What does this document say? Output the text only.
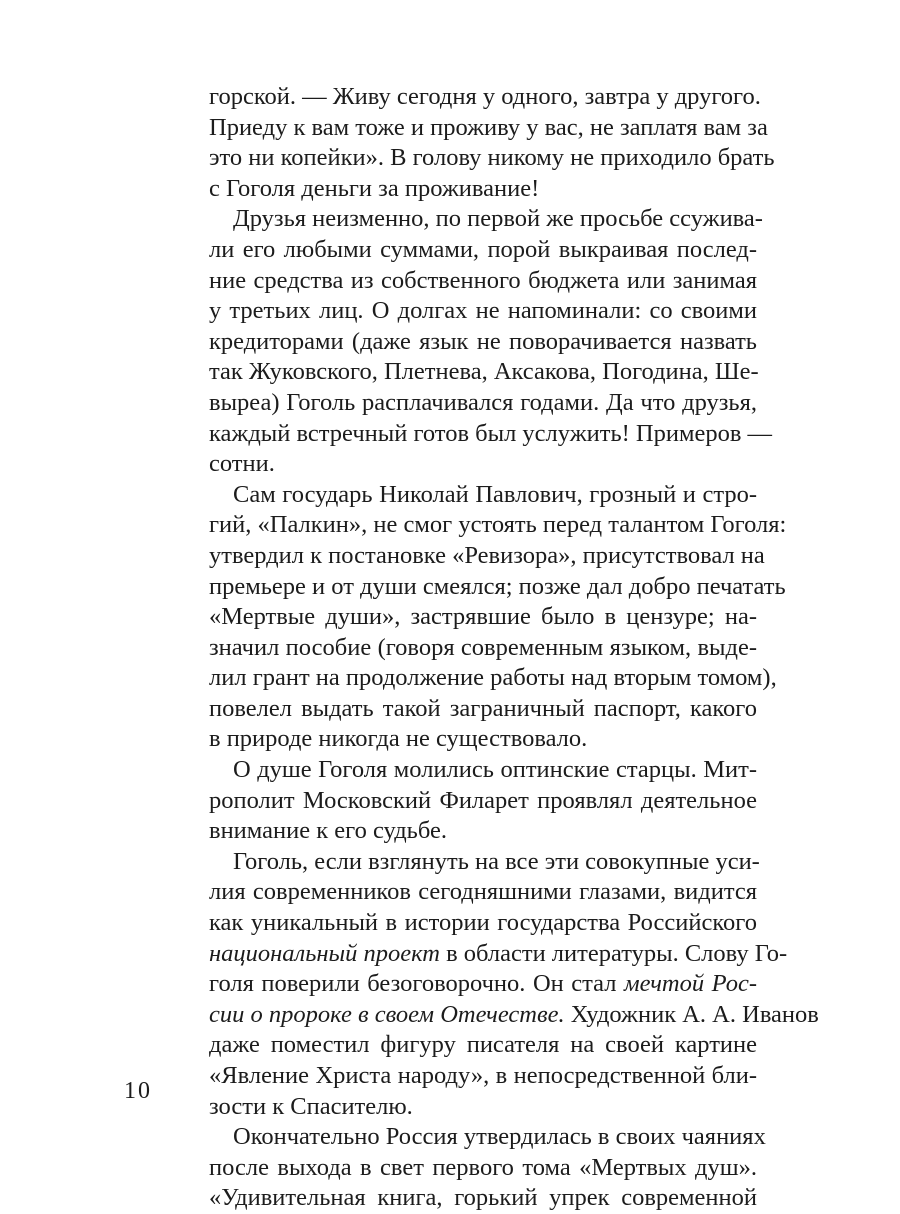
горской. — Живу сегодня у одного, завтра у другого.
Приеду к вам тоже и проживу у вас, не заплатя вам за
это ни копейки». В голову никому не приходило брать
с Гоголя деньги за проживание!
Друзья неизменно, по первой же просьбе ссужива-
ли его любыми суммами, порой выкраивая послед-
ние средства из собственного бюджета или занимая
у третьих лиц. О долгах не напоминали: со своими
кредиторами (даже язык не поворачивается назвать
так Жуковского, Плетнева, Аксакова, Погодина, Ше-
выреа) Гоголь расплачивался годами. Да что друзья,
каждый встречный готов был услужить! Примеров —
сотни.
Сам государь Николай Павлович, грозный и стро-
гий, «Палкин», не смог устоять перед талантом Гоголя:
утвердил к постановке «Ревизора», присутствовал на
премьере и от души смеялся; позже дал добро печатать
«Мертвые души», застрявшие было в цензуре; на-
значил пособие (говоря современным языком, выде-
лил грант на продолжение работы над вторым томом),
повелел выдать такой заграничный паспорт, какого
в природе никогда не существовало.
О душе Гоголя молились оптинские старцы. Мит-
рополит Московский Филарет проявлял деятельное
внимание к его судьбе.
Гоголь, если взглянуть на все эти совокупные уси-
лия современников сегодняшними глазами, видится
как уникальный в истории государства Российского
национальный проект в области литературы. Слову Го-
голя поверили безоговорочно. Он стал мечтой Рос-
сии о пророке в своем Отечестве. Художник А. А. Иванов
даже поместил фигуру писателя на своей картине
«Явление Христа народу», в непосредственной бли-
зости к Спасителю.
Окончательно Россия утвердилась в своих чаяниях
после выхода в свет первого тома «Мертвых душ».
«Удивительная книга, горький упрек современной
10
